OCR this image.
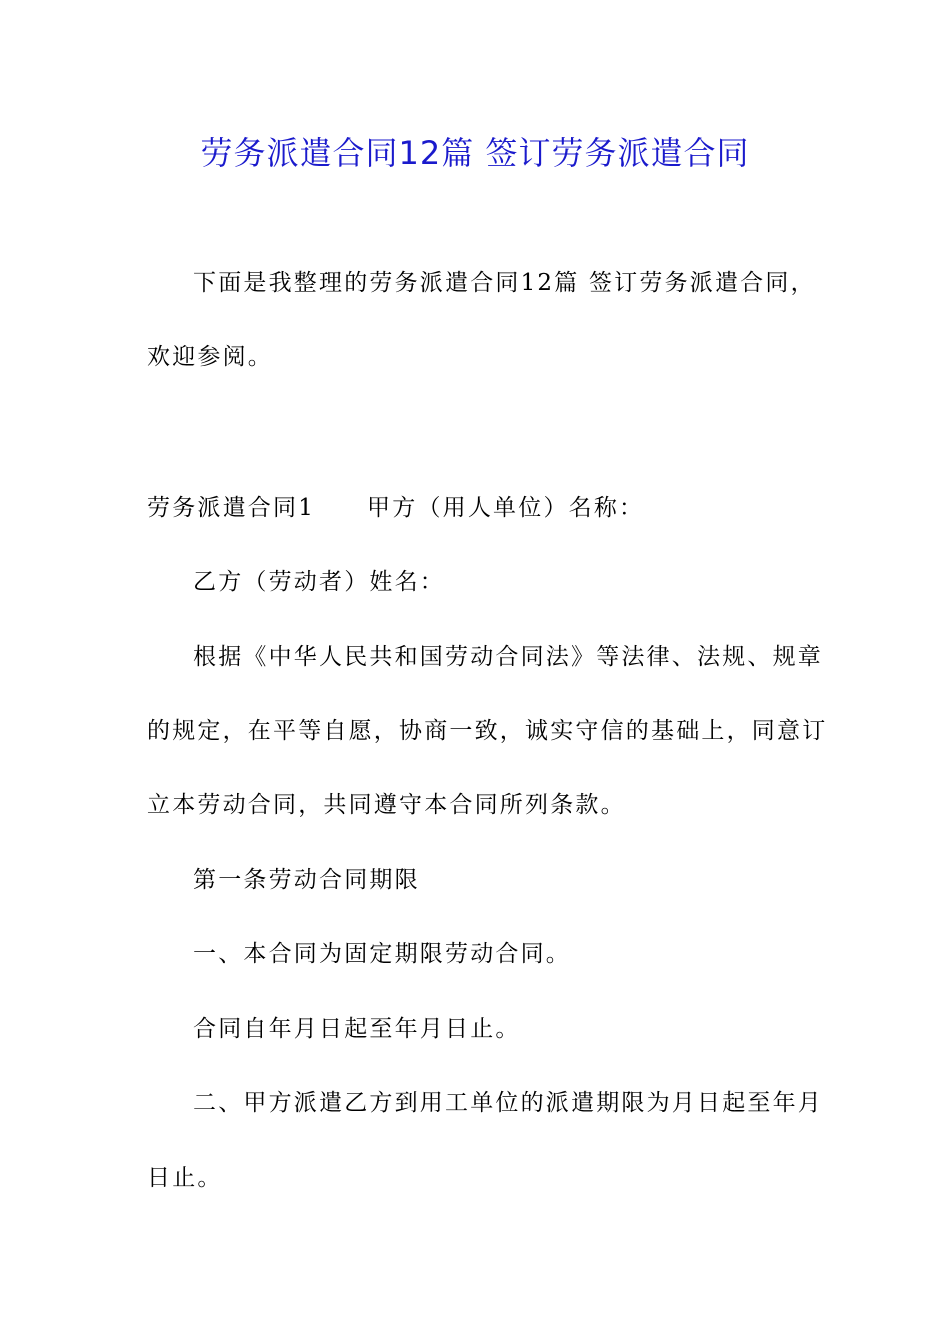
劳务派遣合同12篇 签订劳务派遣合同
下面是我整理的劳务派遣合同12篇 签订劳务派遣合同，
欢迎参阅。
劳务派遣合同1 甲方（用人单位）名称：
乙方（劳动者）姓名：
根据《中华人民共和国劳动合同法》等法律、法规、规章
的规定，在平等自愿，协商一致，诚实守信的基础上，同意订
立本劳动合同，共同遵守本合同所列条款。
第一条劳动合同期限
一、本合同为固定期限劳动合同。
合同自年月日起至年月日止。
二、甲方派遣乙方到用工单位的派遣期限为月日起至年月
日止。
